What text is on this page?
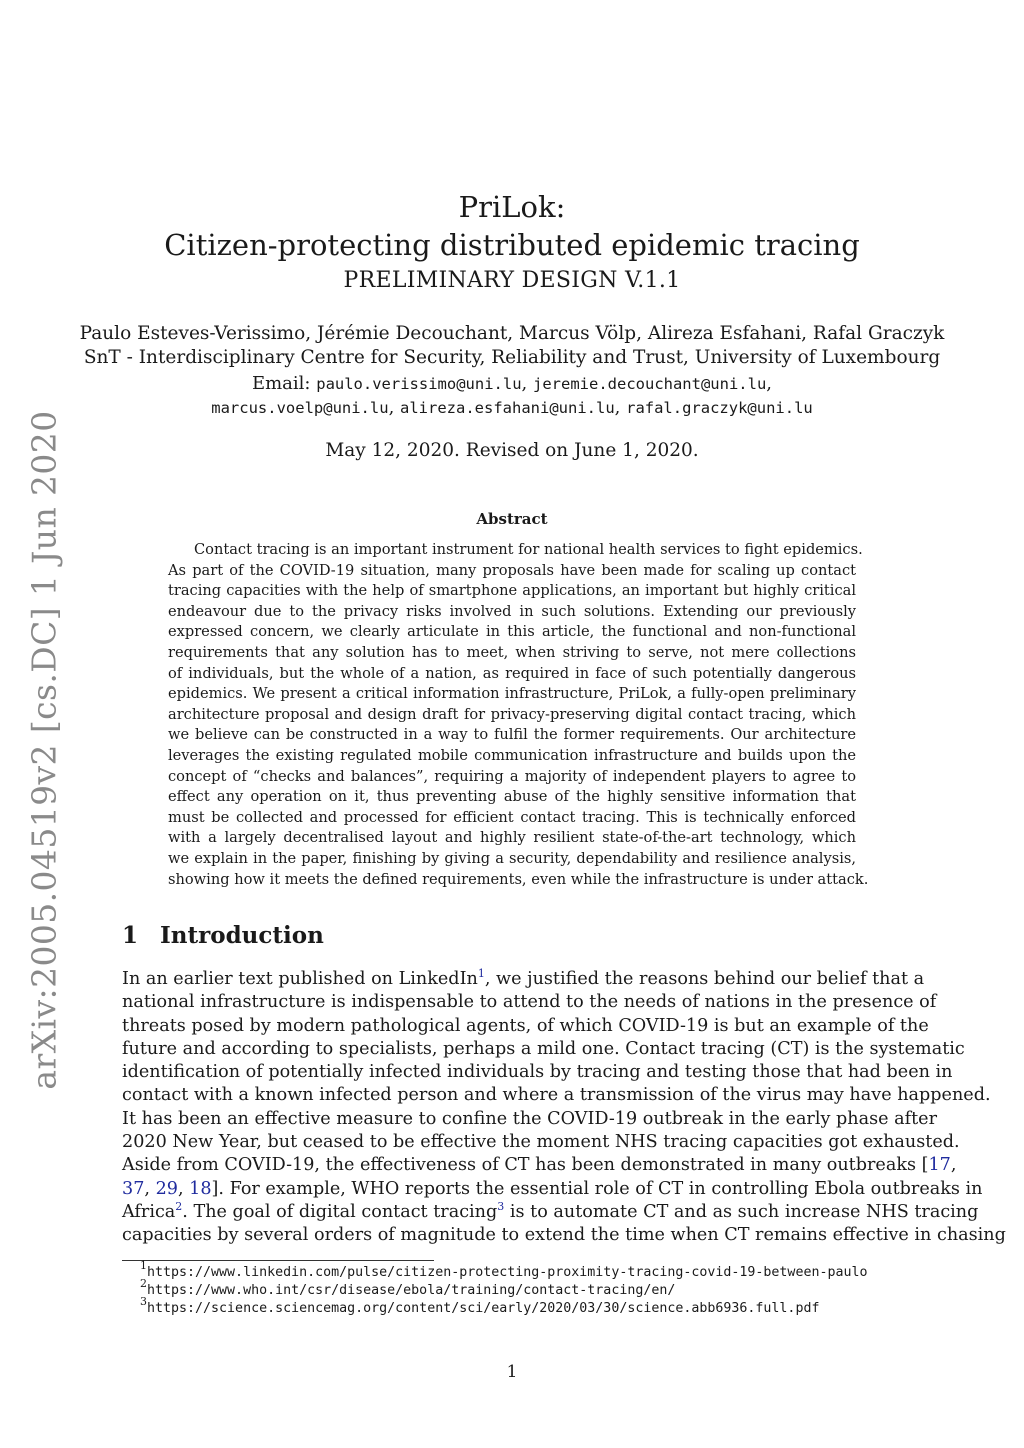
arXiv:2005.04519v2 [cs.DC] 1 Jun 2020
PriLok:
Citizen-protecting distributed epidemic tracing
PRELIMINARY DESIGN V.1.1
Paulo Esteves-Verissimo, Jérémie Decouchant, Marcus Völp, Alireza Esfahani, Rafal Graczyk
SnT - Interdisciplinary Centre for Security, Reliability and Trust, University of Luxembourg
Email: paulo.verissimo@uni.lu, jeremie.decouchant@uni.lu,
marcus.voelp@uni.lu, alireza.esfahani@uni.lu, rafal.graczyk@uni.lu
May 12, 2020. Revised on June 1, 2020.
Abstract
Contact tracing is an important instrument for national health services to fight epidemics.
As part of the COVID-19 situation, many proposals have been made for scaling up contact
tracing capacities with the help of smartphone applications, an important but highly critical
endeavour due to the privacy risks involved in such solutions. Extending our previously
expressed concern, we clearly articulate in this article, the functional and non-functional
requirements that any solution has to meet, when striving to serve, not mere collections
of individuals, but the whole of a nation, as required in face of such potentially dangerous
epidemics. We present a critical information infrastructure, PriLok, a fully-open preliminary
architecture proposal and design draft for privacy-preserving digital contact tracing, which
we believe can be constructed in a way to fulfil the former requirements. Our architecture
leverages the existing regulated mobile communication infrastructure and builds upon the
concept of “checks and balances”, requiring a majority of independent players to agree to
effect any operation on it, thus preventing abuse of the highly sensitive information that
must be collected and processed for efficient contact tracing. This is technically enforced
with a largely decentralised layout and highly resilient state-of-the-art technology, which
we explain in the paper, finishing by giving a security, dependability and resilience analysis,
showing how it meets the defined requirements, even while the infrastructure is under attack.
1 Introduction
In an earlier text published on LinkedIn$^1$, we justified the reasons behind our belief that a
national infrastructure is indispensable to attend to the needs of nations in the presence of
threats posed by modern pathological agents, of which COVID-19 is but an example of the
future and according to specialists, perhaps a mild one. Contact tracing (CT) is the systematic
identification of potentially infected individuals by tracing and testing those that had been in
contact with a known infected person and where a transmission of the virus may have happened.
It has been an effective measure to confine the COVID-19 outbreak in the early phase after
2020 New Year, but ceased to be effective the moment NHS tracing capacities got exhausted.
Aside from COVID-19, the effectiveness of CT has been demonstrated in many outbreaks [17,
37, 29, 18]. For example, WHO reports the essential role of CT in controlling Ebola outbreaks in
Africa$^2$. The goal of digital contact tracing$^3$ is to automate CT and as such increase NHS tracing
capacities by several orders of magnitude to extend the time when CT remains effective in chasing
$^1$https://www.linkedin.com/pulse/citizen-protecting-proximity-tracing-covid-19-between-paulo
$^2$https://www.who.int/csr/disease/ebola/training/contact-tracing/en/
$^3$https://science.sciencemag.org/content/sci/early/2020/03/30/science.abb6936.full.pdf
1
